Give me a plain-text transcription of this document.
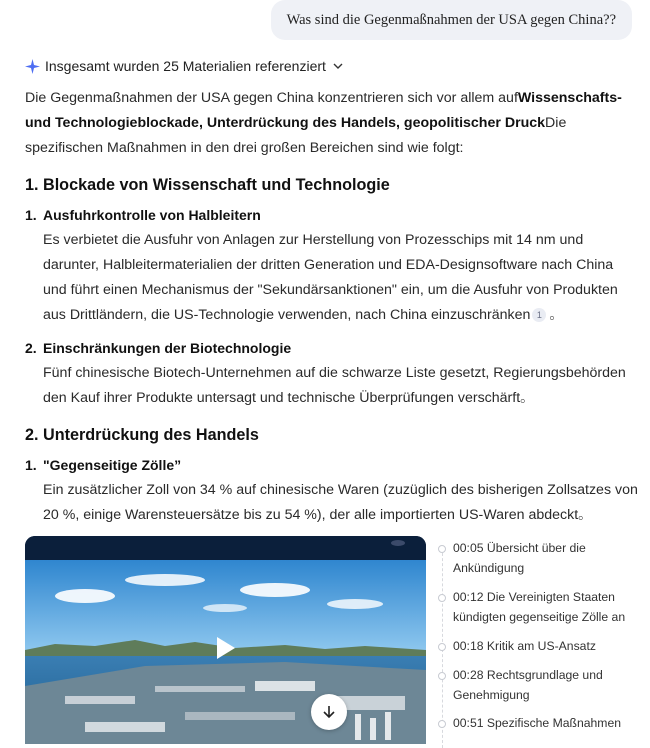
Was sind die Gegenmaßnahmen der USA gegen China??
Insgesamt wurden 25 Materialien referenziert

Die Gegenmaßnahmen der USA gegen China konzentrieren sich vor allem aufWissenschafts- und Technologieblockade, Unterdrückung des Handels, geopolitischer DruckDie spezifischen Maßnahmen in den drei großen Bereichen sind wie folgt:

1. Blockade von Wissenschaft und Technologie
1. Ausfuhrkontrolle von Halbleitern
Es verbietet die Ausfuhr von Anlagen zur Herstellung von Prozesschips mit 14 nm und darunter, Halbleitermaterialien der dritten Generation und EDA-Designsoftware nach China und führt einen Mechanismus der "Sekundärsanktionen" ein, um die Ausfuhr von Produkten aus Drittländern, die US-Technologie verwenden, nach China einzuschränken 1 。
2. Einschränkungen der Biotechnologie
Fünf chinesische Biotech-Unternehmen auf die schwarze Liste gesetzt, Regierungsbehörden den Kauf ihrer Produkte untersagt und technische Überprüfungen verschärft。
2. Unterdrückung des Handels
1. "Gegenseitige Zölle”
Ein zusätzlicher Zoll von 34 % auf chinesische Waren (zuzüglich des bisherigen Zollsatzes von 20 %, einige Warensteuersätze bis zu 54 %), der alle importierten US-Waren abdeckt。
00:05 Übersicht über die Ankündigung
00:12 Die Vereinigten Staaten kündigten gegenseitige Zölle an
00:18 Kritik am US-Ansatz
00:28 Rechtsgrundlage und Genehmigung
00:51 Spezifische Maßnahmen
